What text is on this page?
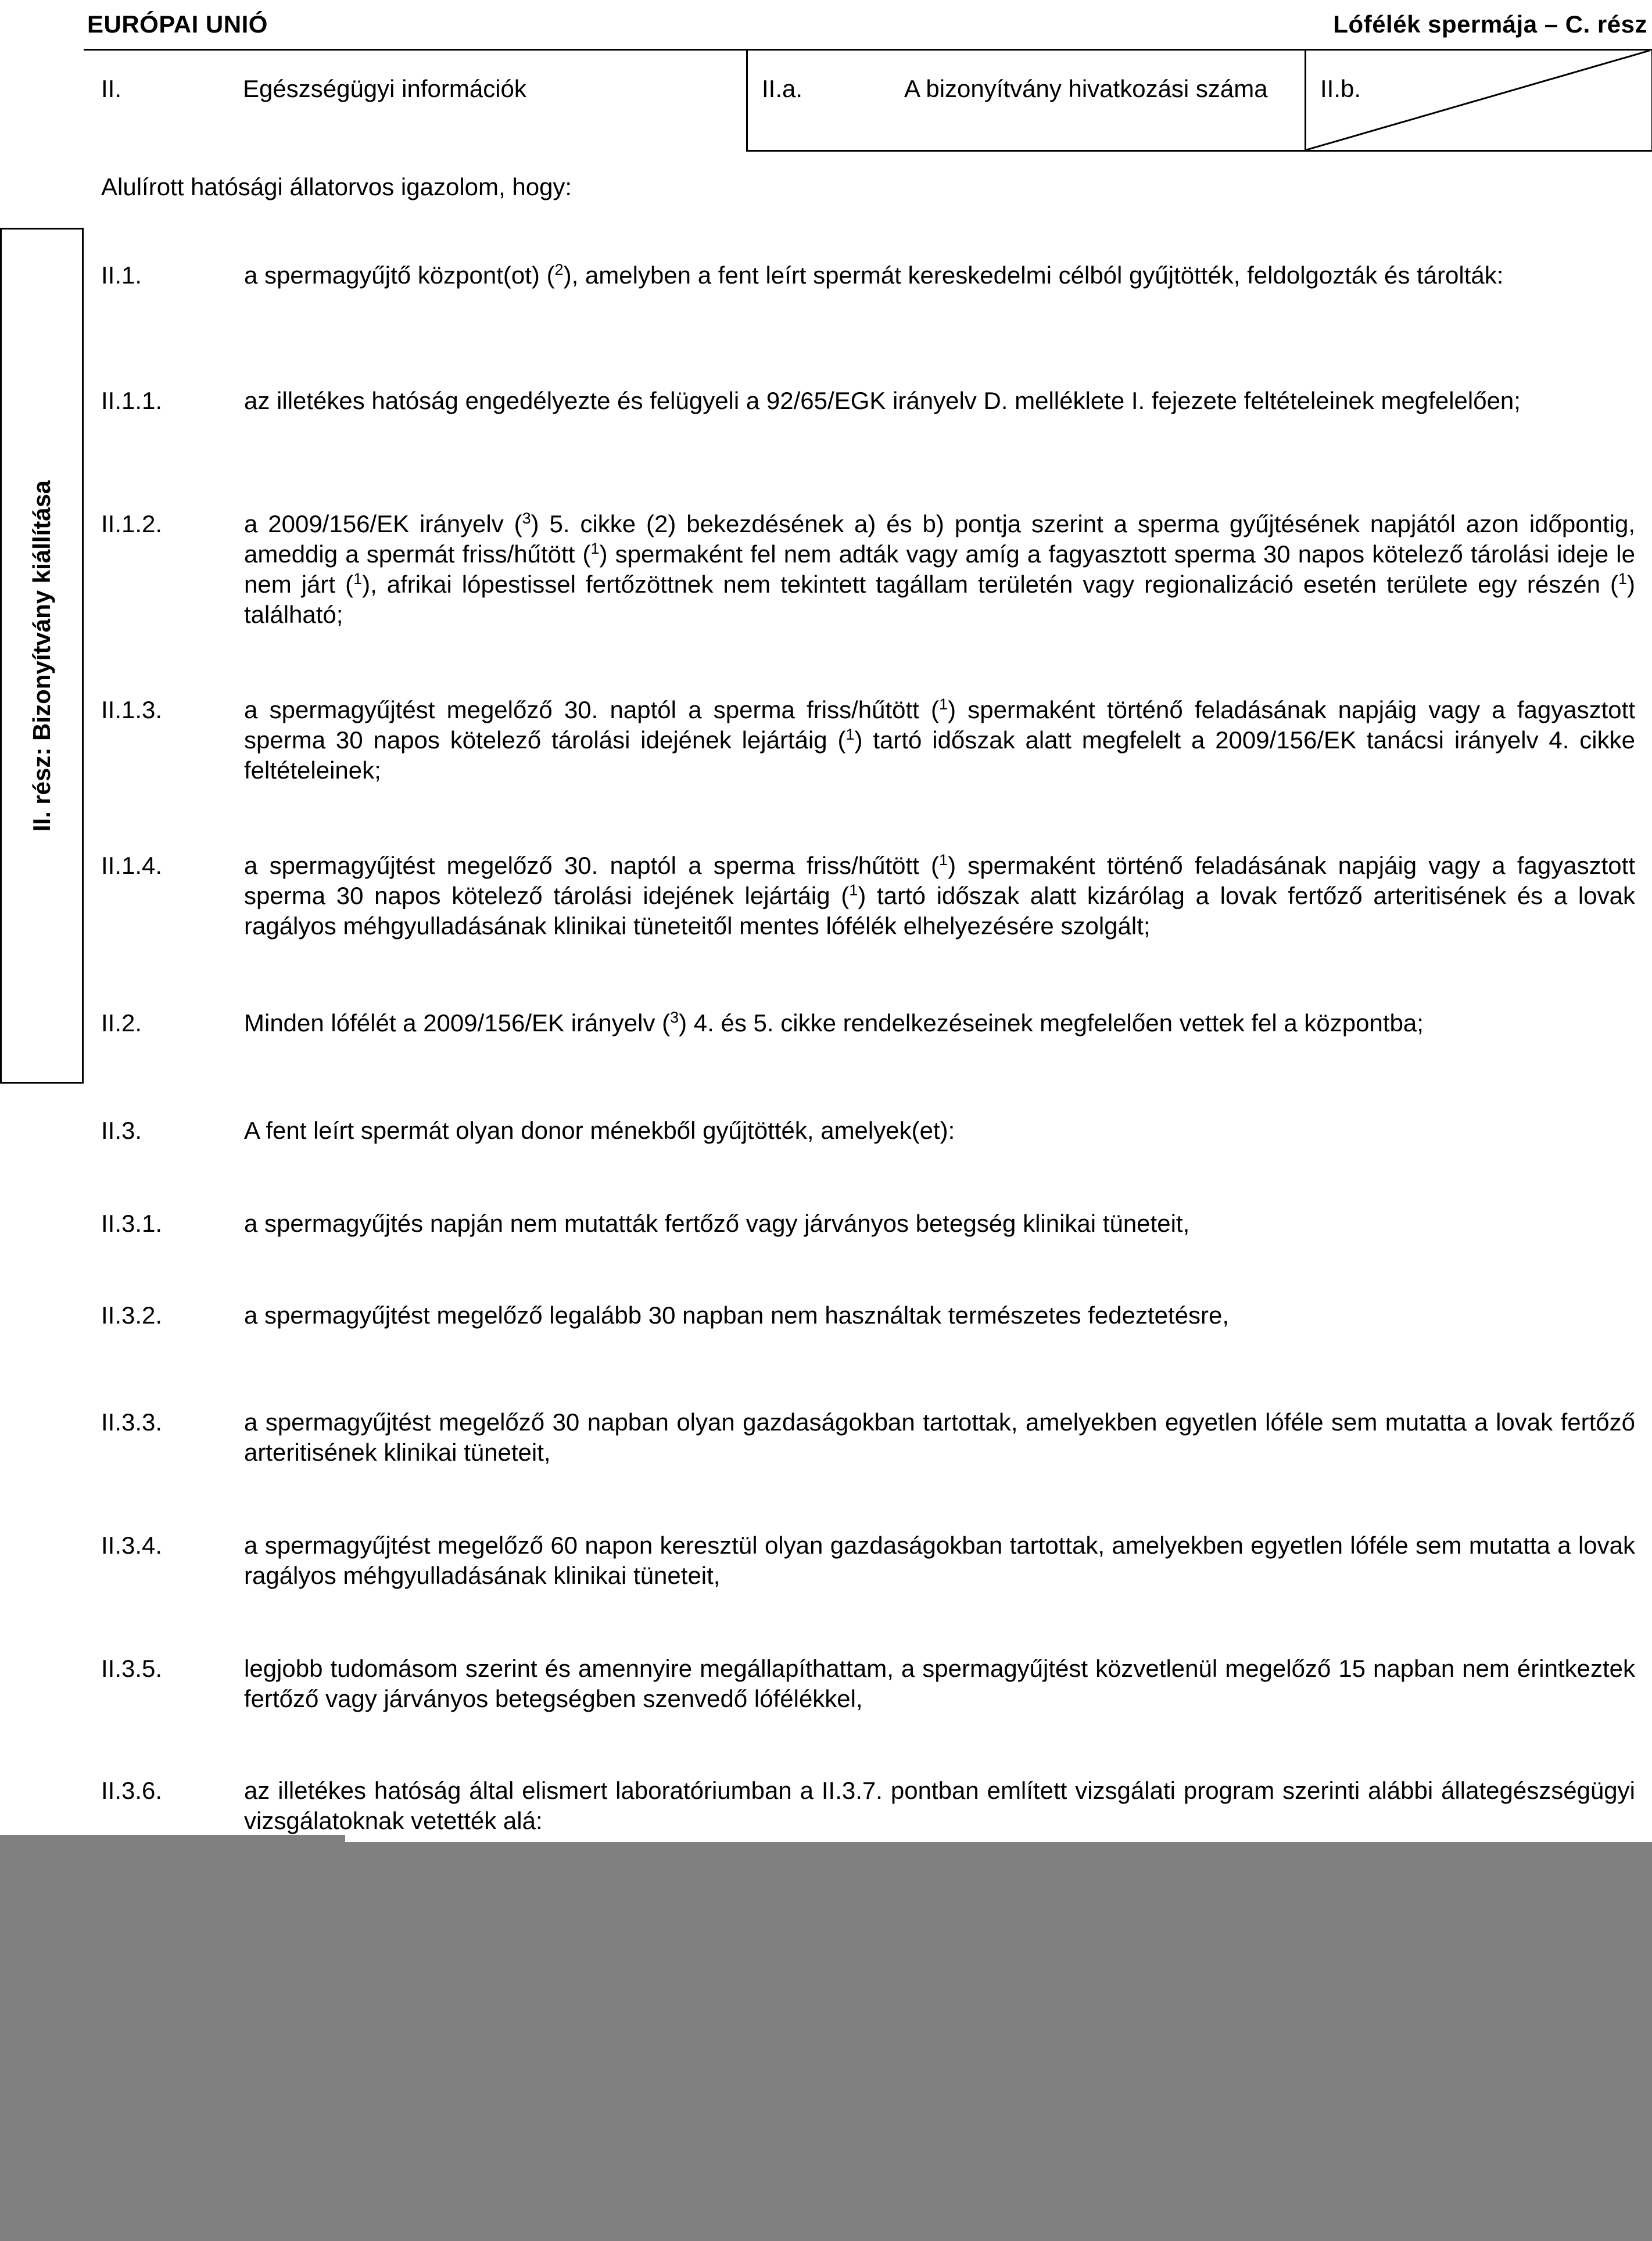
EURÓPAI UNIÓ	Lófélék spermája – C. rész
II.	Egészségügyi információk	II.a.	A bizonyítvány hivatkozási száma	II.b.
II. rész: Bizonyítvány kiállítása
Alulírott hatósági állatorvos igazolom, hogy:
II.1.	a spermagyűjtő központ(ot) ($^2$), amelyben a fent leírt spermát kereskedelmi célból gyűjtötték, feldolgozták és tárolták:
II.1.1.	az illetékes hatóság engedélyezte és felügyeli a 92/65/EGK irányelv D. melléklete I. fejezete feltételeinek megfelelően;
II.1.2.	a 2009/156/EK irányelv ($^3$) 5. cikke (2) bekezdésének a) és b) pontja szerint a sperma gyűjtésének napjától azon időpontig, ameddig a spermát friss/hűtött ($^1$) spermaként fel nem adták vagy amíg a fagyasztott sperma 30 napos kötelező tárolási ideje le nem járt ($^1$), afrikai lópestissel fertőzöttnek nem tekintett tagállam területén vagy regionalizáció esetén területe egy részén ($^1$) található;
II.1.3.	a spermagyűjtést megelőző 30. naptól a sperma friss/hűtött ($^1$) spermaként történő feladásának napjáig vagy a fagyasztott sperma 30 napos kötelező tárolási idejének lejártáig ($^1$) tartó időszak alatt megfelelt a 2009/156/EK tanácsi irányelv 4. cikke feltételeinek;
II.1.4.	a spermagyűjtést megelőző 30. naptól a sperma friss/hűtött ($^1$) spermaként történő feladásának napjáig vagy a fagyasztott sperma 30 napos kötelező tárolási idejének lejártáig ($^1$) tartó időszak alatt kizárólag a lovak fertőző arteritisének és a lovak ragályos méhgyulladásának klinikai tüneteitől mentes lófélék elhelyezésére szolgált;
II.2.	Minden lófélét a 2009/156/EK irányelv ($^3$) 4. és 5. cikke rendelkezéseinek megfelelően vettek fel a központba;
II.3.	A fent leírt spermát olyan donor ménekből gyűjtötték, amelyek(et):
II.3.1.	a spermagyűjtés napján nem mutatták fertőző vagy járványos betegség klinikai tüneteit,
II.3.2.	a spermagyűjtést megelőző legalább 30 napban nem használtak természetes fedeztetésre,
II.3.3.	a spermagyűjtést megelőző 30 napban olyan gazdaságokban tartottak, amelyekben egyetlen lóféle sem mutatta a lovak fertőző arteritisének klinikai tüneteit,
II.3.4.	a spermagyűjtést megelőző 60 napon keresztül olyan gazdaságokban tartottak, amelyekben egyetlen lóféle sem mutatta a lovak ragályos méhgyulladásának klinikai tüneteit,
II.3.5.	legjobb tudomásom szerint és amennyire megállapíthattam, a spermagyűjtést közvetlenül megelőző 15 napban nem érintkeztek fertőző vagy járványos betegségben szenvedő lófélékkel,
II.3.6.	az illetékes hatóság által elismert laboratóriumban a II.3.7. pontban említett vizsgálati program szerinti alábbi állategészségügyi vizsgálatoknak vetették alá:
